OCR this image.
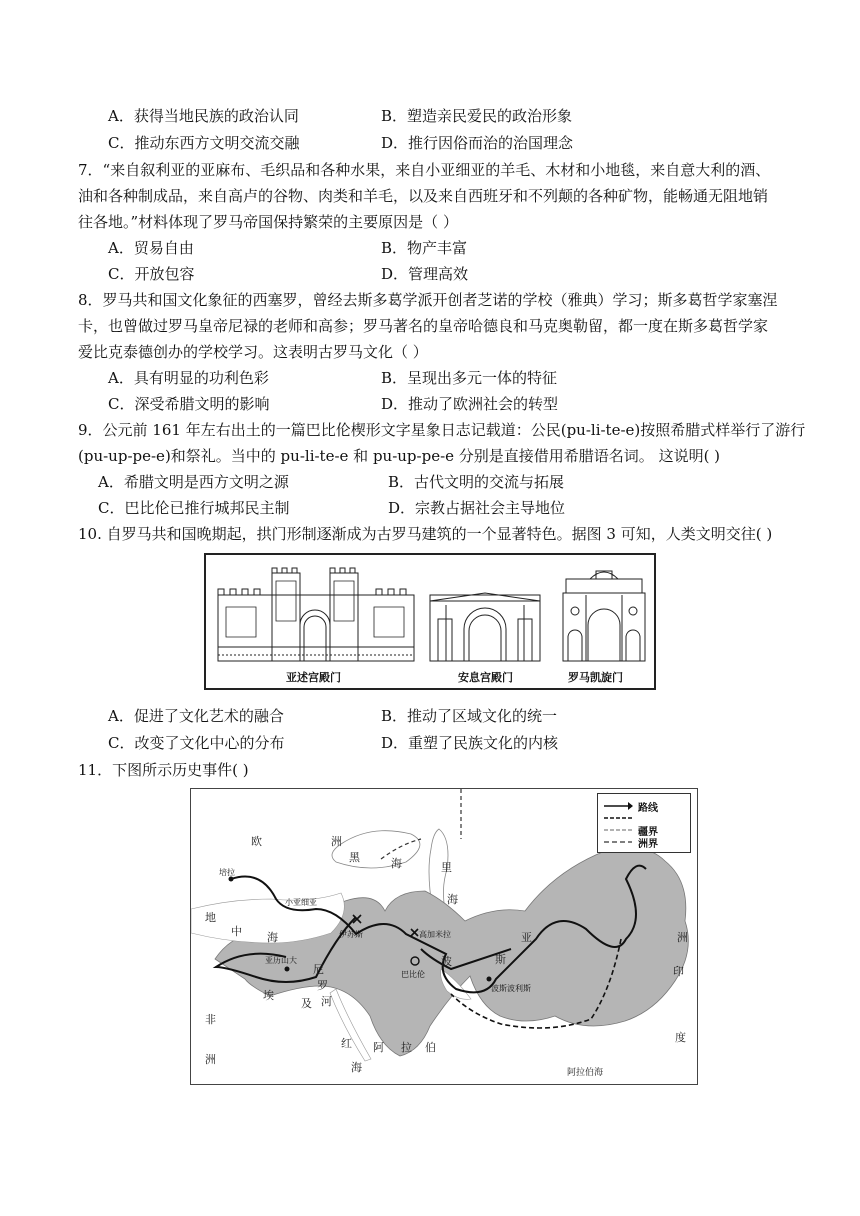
A．获得当地民族的政治认同	B．塑造亲民爱民的政治形象
C．推动东西方文明交流交融	D．推行因俗而治的治国理念
7．“来自叙利亚的亚麻布、毛织品和各种水果，来自小亚细亚的羊毛、木材和小地毯，来自意大利的酒、
油和各种制成品，来自高卢的谷物、肉类和羊毛，以及来自西班牙和不列颠的各种矿物，能畅通无阻地销
往各地。”材料体现了罗马帝国保持繁荣的主要原因是（ ）
A．贸易自由	B．物产丰富
C．开放包容	D．管理高效
8．罗马共和国文化象征的西塞罗，曾经去斯多葛学派开创者芝诺的学校（雅典）学习；斯多葛哲学家塞涅
卡，也曾做过罗马皇帝尼禄的老师和高参；罗马著名的皇帝哈德良和马克奥勒留，都一度在斯多葛哲学家
爱比克泰德创办的学校学习。这表明古罗马文化（ ）
A．具有明显的功利色彩	B．呈现出多元一体的特征
C．深受希腊文明的影响	D．推动了欧洲社会的转型
9．公元前 161 年左右出土的一篇巴比伦楔形文字星象日志记载道：公民(pu-li-te-e)按照希腊式样举行了游行
(pu-up-pe-e)和祭礼。当中的 pu-li-te-e 和 pu-up-pe-e 分别是直接借用希腊语名词。 这说明( )
A．希腊文明是西方文明之源	B．古代文明的交流与拓展
C．巴比伦已推行城邦民主制	D．宗教占据社会主导地位
10. 自罗马共和国晚期起，拱门形制逐渐成为古罗马建筑的一个显著特色。据图 3 可知，人类文明交往( )
亚述宫殿门	安息宫殿门	罗马凯旋门
A．促进了文化艺术的融合	B．推动了区域文化的统一
C．改变了文化中心的分布	D．重塑了民族文化的内核
11．下图所示历史事件( )
路线
疆界
洲界
欧	洲
黑	海	里
海
地
中 海	亚
斯
波
埃
及
尼
罗
河
红
海
阿 拉 伯
非
洲
印
度
洲
阿拉伯海
培拉
小亚细亚
伊苏斯	高加米拉
亚历山大
巴比伦
波斯波利斯
